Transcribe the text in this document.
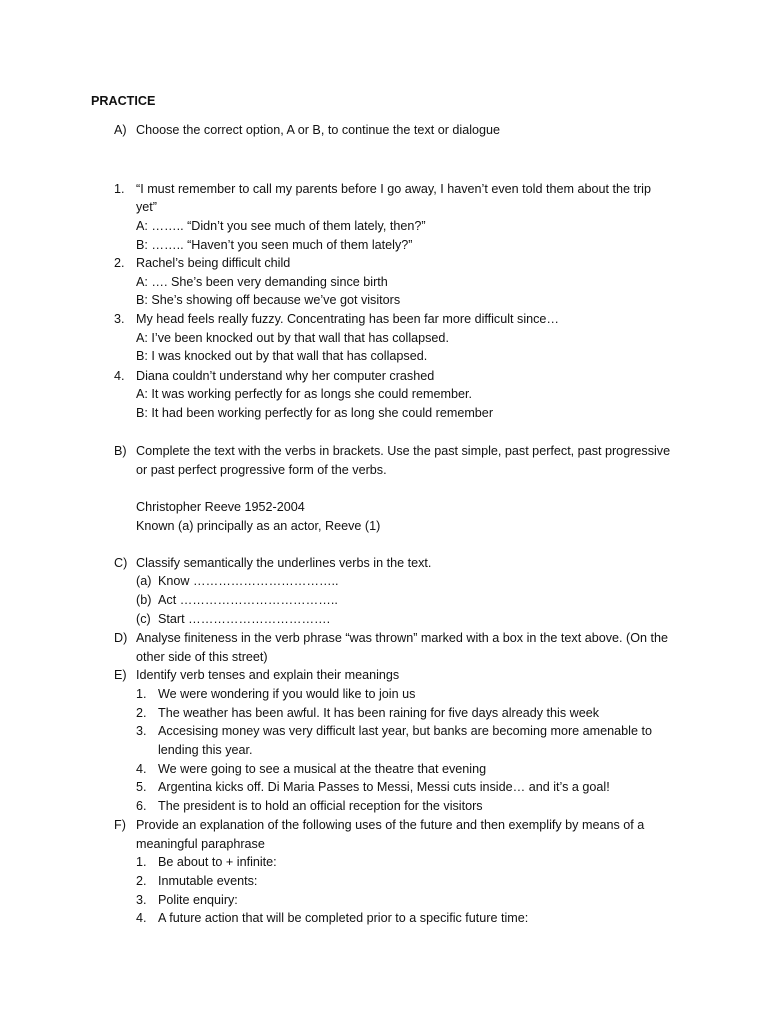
PRACTICE
A) Choose the correct option, A or B, to continue the text or dialogue
1. “I must remember to call my parents before I go away, I haven’t even told them about the trip
yet”
A: …….. “Didn’t you see much of them lately, then?”
B: …….. “Haven’t you seen much of them lately?”
2. Rachel’s being difficult child
A: …. She’s been very demanding since birth
B: She’s showing off because we’ve got visitors
3. My head feels really fuzzy. Concentrating has been far more difficult since…
A: I’ve been knocked out by that wall that has collapsed.
B: I was knocked out by that wall that has collapsed.
4. Diana couldn’t understand why her computer crashed
A: It was working perfectly for as longs she could remember.
B: It had been working perfectly for as long she could remember
B) Complete the text with the verbs in brackets. Use the past simple, past perfect, past progressive
or past perfect progressive form of the verbs.
Christopher Reeve 1952-2004
Known (a) principally as an actor, Reeve (1)
C) Classify semantically the underlines verbs in the text.
(a) Know ……………………………..
(b) Act ………………………………..
(c) Start …………………………….
D) Analyse finiteness in the verb phrase “was thrown” marked with a box in the text above. (On the
other side of this street)
E) Identify verb tenses and explain their meanings
1. We were wondering if you would like to join us
2. The weather has been awful. It has been raining for five days already this week
3. Accesising money was very difficult last year, but banks are becoming more amenable to
lending this year.
4. We were going to see a musical at the theatre that evening
5. Argentina kicks off. Di Maria Passes to Messi, Messi cuts inside… and it’s a goal!
6. The president is to hold an official reception for the visitors
F) Provide an explanation of the following uses of the future and then exemplify by means of a
meaningful paraphrase
1. Be about to + infinite:
2. Inmutable events:
3. Polite enquiry:
4. A future action that will be completed prior to a specific future time:
